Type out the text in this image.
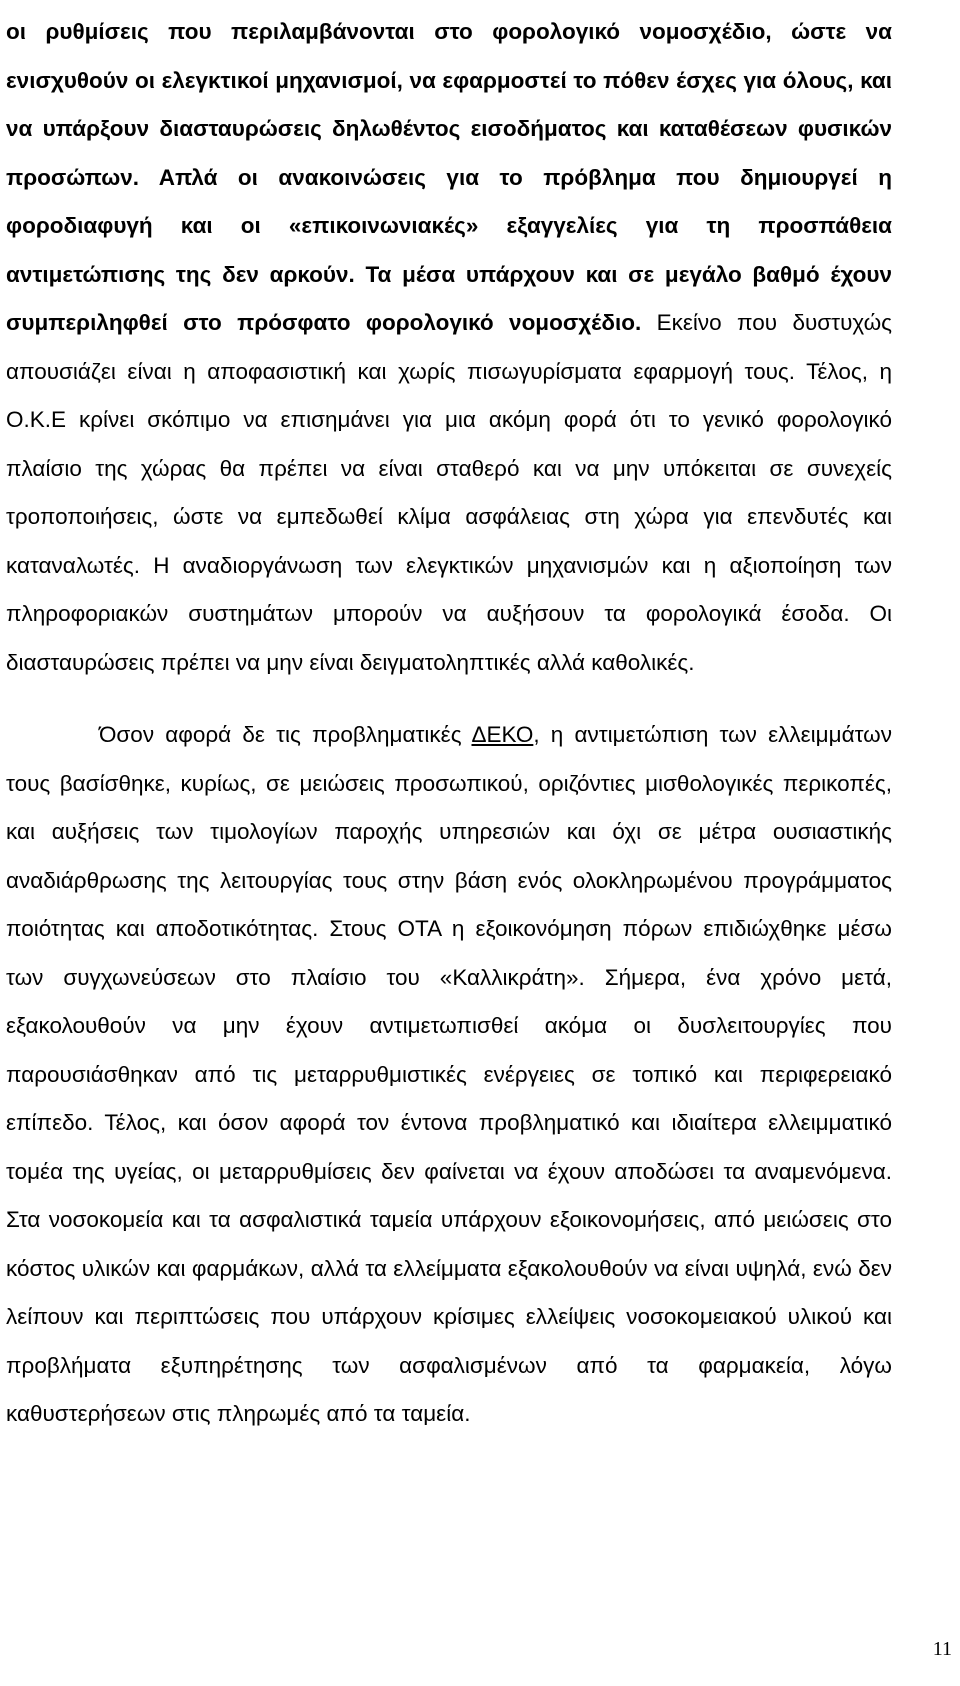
οι ρυθμίσεις που περιλαμβάνονται στο φορολογικό νομοσχέδιο, ώστε να ενισχυθούν οι ελεγκτικοί μηχανισμοί, να εφαρμοστεί το πόθεν έσχες για όλους, και να υπάρξουν διασταυρώσεις δηλωθέντος εισοδήματος και καταθέσεων φυσικών προσώπων. Απλά οι ανακοινώσεις για το πρόβλημα που δημιουργεί η φοροδιαφυγή και οι «επικοινωνιακές» εξαγγελίες για τη προσπάθεια αντιμετώπισης της δεν αρκούν. Τα μέσα υπάρχουν και σε μεγάλο βαθμό έχουν συμπεριληφθεί στο πρόσφατο φορολογικό νομοσχέδιο. Εκείνο που δυστυχώς απουσιάζει είναι η αποφασιστική και χωρίς πισωγυρίσματα εφαρμογή τους. Τέλος, η Ο.Κ.Ε κρίνει σκόπιμο να επισημάνει για μια ακόμη φορά ότι το γενικό φορολογικό πλαίσιο της χώρας θα πρέπει να είναι σταθερό και να μην υπόκειται σε συνεχείς τροποποιήσεις, ώστε να εμπεδωθεί κλίμα ασφάλειας στη χώρα για επενδυτές και καταναλωτές. Η αναδιοργάνωση των ελεγκτικών μηχανισμών και η αξιοποίηση των πληροφοριακών συστημάτων μπορούν να αυξήσουν τα φορολογικά έσοδα. Οι διασταυρώσεις πρέπει να μην είναι δειγματοληπτικές αλλά καθολικές.

Όσον αφορά δε τις προβληματικές ΔΕΚΟ, η αντιμετώπιση των ελλειμμάτων τους βασίσθηκε, κυρίως, σε μειώσεις προσωπικού, οριζόντιες μισθολογικές περικοπές, και αυξήσεις των τιμολογίων παροχής υπηρεσιών και όχι σε μέτρα ουσιαστικής αναδιάρθρωσης της λειτουργίας τους στην βάση ενός ολοκληρωμένου προγράμματος ποιότητας και αποδοτικότητας. Στους ΟΤΑ η εξοικονόμηση πόρων επιδιώχθηκε μέσω των συγχωνεύσεων στο πλαίσιο του «Καλλικράτη». Σήμερα, ένα χρόνο μετά, εξακολουθούν να μην έχουν αντιμετωπισθεί ακόμα οι δυσλειτουργίες που παρουσιάσθηκαν από τις μεταρρυθμιστικές ενέργειες σε τοπικό και περιφερειακό επίπεδο. Τέλος, και όσον αφορά τον έντονα προβληματικό και ιδιαίτερα ελλειμματικό τομέα της υγείας, οι μεταρρυθμίσεις δεν φαίνεται να έχουν αποδώσει τα αναμενόμενα. Στα νοσοκομεία και τα ασφαλιστικά ταμεία υπάρχουν εξοικονομήσεις, από μειώσεις στο κόστος υλικών και φαρμάκων, αλλά τα ελλείμματα εξακολουθούν να είναι υψηλά, ενώ δεν λείπουν και περιπτώσεις που υπάρχουν κρίσιμες ελλείψεις νοσοκομειακού υλικού και προβλήματα εξυπηρέτησης των ασφαλισμένων από τα φαρμακεία, λόγω καθυστερήσεων στις πληρωμές από τα ταμεία.

11
